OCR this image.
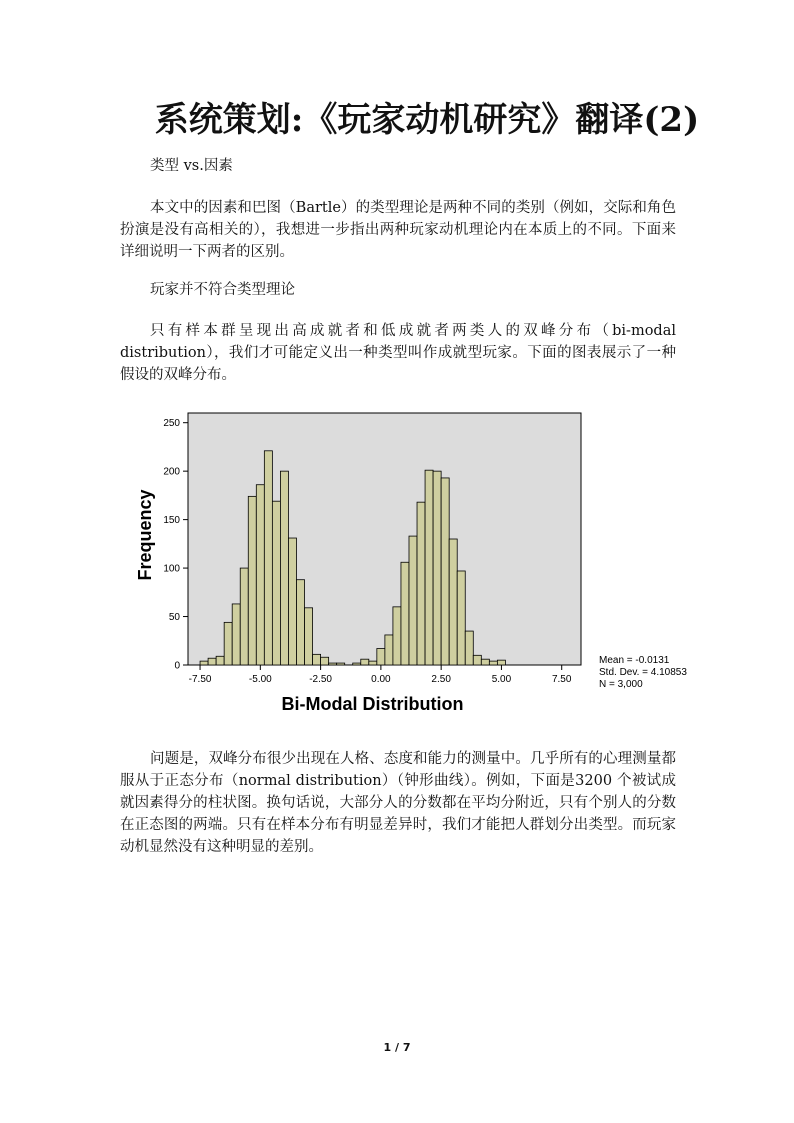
系统策划:《玩家动机研究》翻译(2)

类型 vs.因素

本文中的因素和巴图（Bartle）的类型理论是两种不同的类别（例如，交际和角色扮演是没有高相关的），我想进一步指出两种玩家动机理论内在本质上的不同。下面来详细说明一下两者的区别。

玩家并不符合类型理论

只有样本群呈现出高成就者和低成就者两类人的双峰分布（bi-modal distribution），我们才可能定义出一种类型叫作成就型玩家。下面的图表展示了一种假设的双峰分布。

0
50
100
150
200
250
-7.50	-5.00	-2.50	0.00	2.50	5.00	7.50
Frequency
Bi-Modal Distribution
Mean = -0.0131
Std. Dev. = 4.10853
N = 3,000

问题是，双峰分布很少出现在人格、态度和能力的测量中。几乎所有的心理测量都服从于正态分布（normal distribution）（钟形曲线）。例如，下面是3200 个被试成就因素得分的柱状图。换句话说，大部分人的分数都在平均分附近，只有个别人的分数 在正态图的两端。只有在样本分布有明显差异时，我们才能把人群划分出类型。而玩家动机显然没有这种明显的差别。

1 / 7
